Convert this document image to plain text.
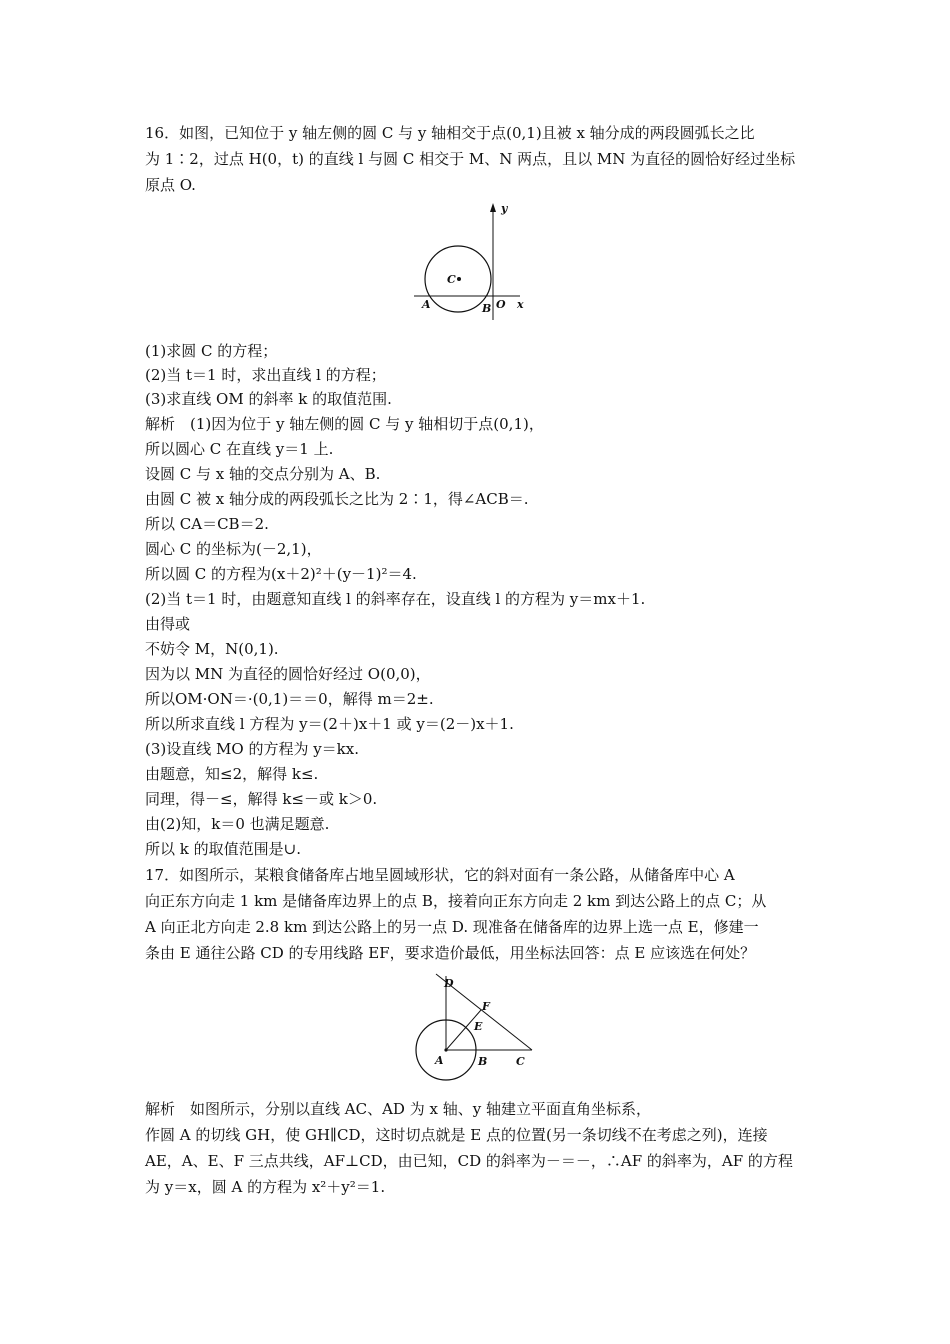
16．如图，已知位于 y 轴左侧的圆 C 与 y 轴相交于点(0,1)且被 x 轴分成的两段圆弧长之比
为 1∶2，过点 H(0，t) 的直线 l 与圆 C 相交于 M、N 两点，且以 MN 为直径的圆恰好经过坐标
原点 O.
y
x
C
A	B O
(1)求圆 C 的方程；
(2)当 t＝1 时，求出直线 l 的方程；
(3)求直线 OM 的斜率 k 的取值范围.
解析　(1)因为位于 y 轴左侧的圆 C 与 y 轴相切于点(0,1)，
所以圆心 C 在直线 y＝1 上.
设圆 C 与 x 轴的交点分别为 A、B.
由圆 C 被 x 轴分成的两段弧长之比为 2∶1，得∠ACB＝.
所以 CA＝CB＝2.
圆心 C 的坐标为(－2,1)，
所以圆 C 的方程为(x＋2)²＋(y－1)²＝4.
(2)当 t＝1 时，由题意知直线 l 的斜率存在，设直线 l 的方程为 y＝mx＋1.
由得或
不妨令 M，N(0,1).
因为以 MN 为直径的圆恰好经过 O(0,0)，
所以OM·ON＝·(0,1)＝＝0，解得 m＝2±.
所以所求直线 l 方程为 y＝(2＋)x＋1 或 y＝(2－)x＋1.
(3)设直线 MO 的方程为 y＝kx.
由题意，知≤2，解得 k≤.
同理，得－≤，解得 k≤－或 k＞0.
由(2)知，k＝0 也满足题意.
所以 k 的取值范围是∪.
17．如图所示，某粮食储备库占地呈圆域形状，它的斜对面有一条公路，从储备库中心 A
向正东方向走 1 km 是储备库边界上的点 B，接着向正东方向走 2 km 到达公路上的点 C；从
A 向正北方向走 2.8 km 到达公路上的另一点 D. 现准备在储备库的边界上选一点 E，修建一
条由 E 通往公路 CD 的专用线路 EF，要求造价最低，用坐标法回答：点 E 应该选在何处？
D
F
E
A	B	C
解析　如图所示，分别以直线 AC、AD 为 x 轴、y 轴建立平面直角坐标系，
作圆 A 的切线 GH，使 GH∥CD，这时切点就是 E 点的位置(另一条切线不在考虑之列)，连接
AE，A、E、F 三点共线，AF⊥CD，由已知，CD 的斜率为－＝－，∴AF 的斜率为，AF 的方程
为 y＝x，圆 A 的方程为 x²＋y²＝1.
